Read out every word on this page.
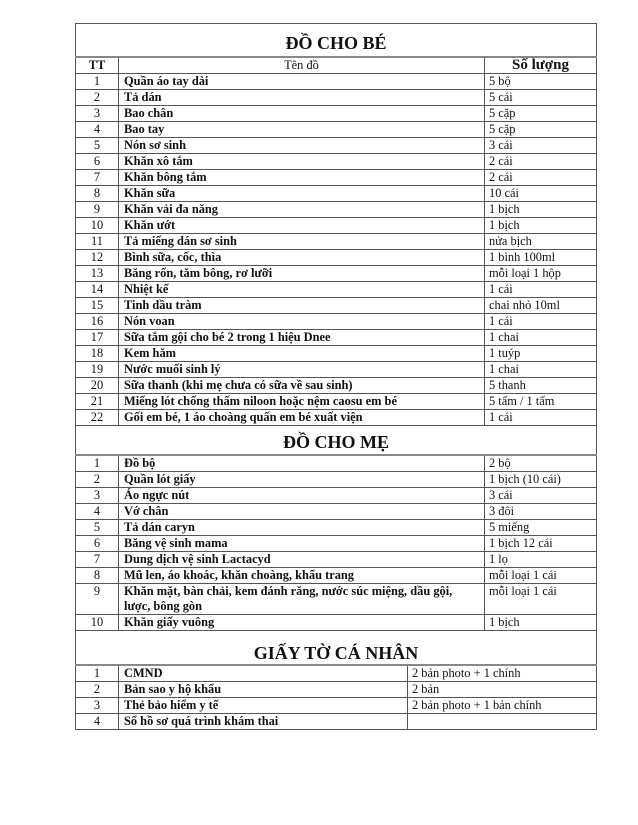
ĐỒ CHO BÉ			
TT	Tên đồ		Số lượng
1	Quần áo tay dài		5 bộ
2	Tả dán		5 cái
3	Bao chân		5 cặp
4	Bao tay		5 cặp
5	Nón sơ sinh		3 cái
6	Khăn xô tắm		2 cái
7	Khăn bông tắm		2 cái
8	Khăn sữa		10 cái
9	Khăn vải đa năng		1 bịch
10	Khăn ướt		1 bịch
11	Tả miếng dán sơ sinh		nửa bịch
12	Bình sữa, cốc, thìa		1 bình 100ml
13	Băng rốn, tăm bông, rơ lưỡi		mỗi loại 1 hộp
14	Nhiệt kế		1 cái
15	Tinh dầu tràm		chai nhỏ 10ml
16	Nón voan		1 cái
17	Sữa tắm gội cho bé 2 trong 1 hiệu Dnee		1 chai
18	Kem hăm		1 tuýp
19	Nước muối sinh lý		1 chai
20	Sữa thanh (khi mẹ chưa có sữa về sau sinh)		5 thanh
21	Miếng lót chống thấm niloon hoặc nệm caosu em bé		5 tấm / 1 tấm
22	Gối em bé, 1 áo choàng quấn em bé xuất viện		1 cái
ĐỒ CHO MẸ			
1	Đồ bộ		2 bộ
2	Quần lót giấy		1 bịch (10 cái)
3	Áo ngực nút		3 cái
4	Vớ chân		3 đôi
5	Tả dán caryn		5 miếng
6	Băng vệ sinh mama		1 bịch 12 cái
7	Dung dịch vệ sinh Lactacyd		1 lọ
8	Mũ len, áo khoác, khăn choàng, khẩu trang		mỗi loại 1 cái
9	Khăn mặt, bàn chải, kem đánh răng, nước súc miệng, dầu gội, lược, bông gòn		mỗi loại 1 cái
10	Khăn giấy vuông		1 bịch
GIẤY TỜ CÁ NHÂN			
1	CMND	2 bản photo + 1 chính	
2	Bản sao y hộ khẩu	2 bản	
3	Thẻ bảo hiểm y tế	2 bản photo + 1 bản chính	
4	Sổ hồ sơ quá trình khám thai		
